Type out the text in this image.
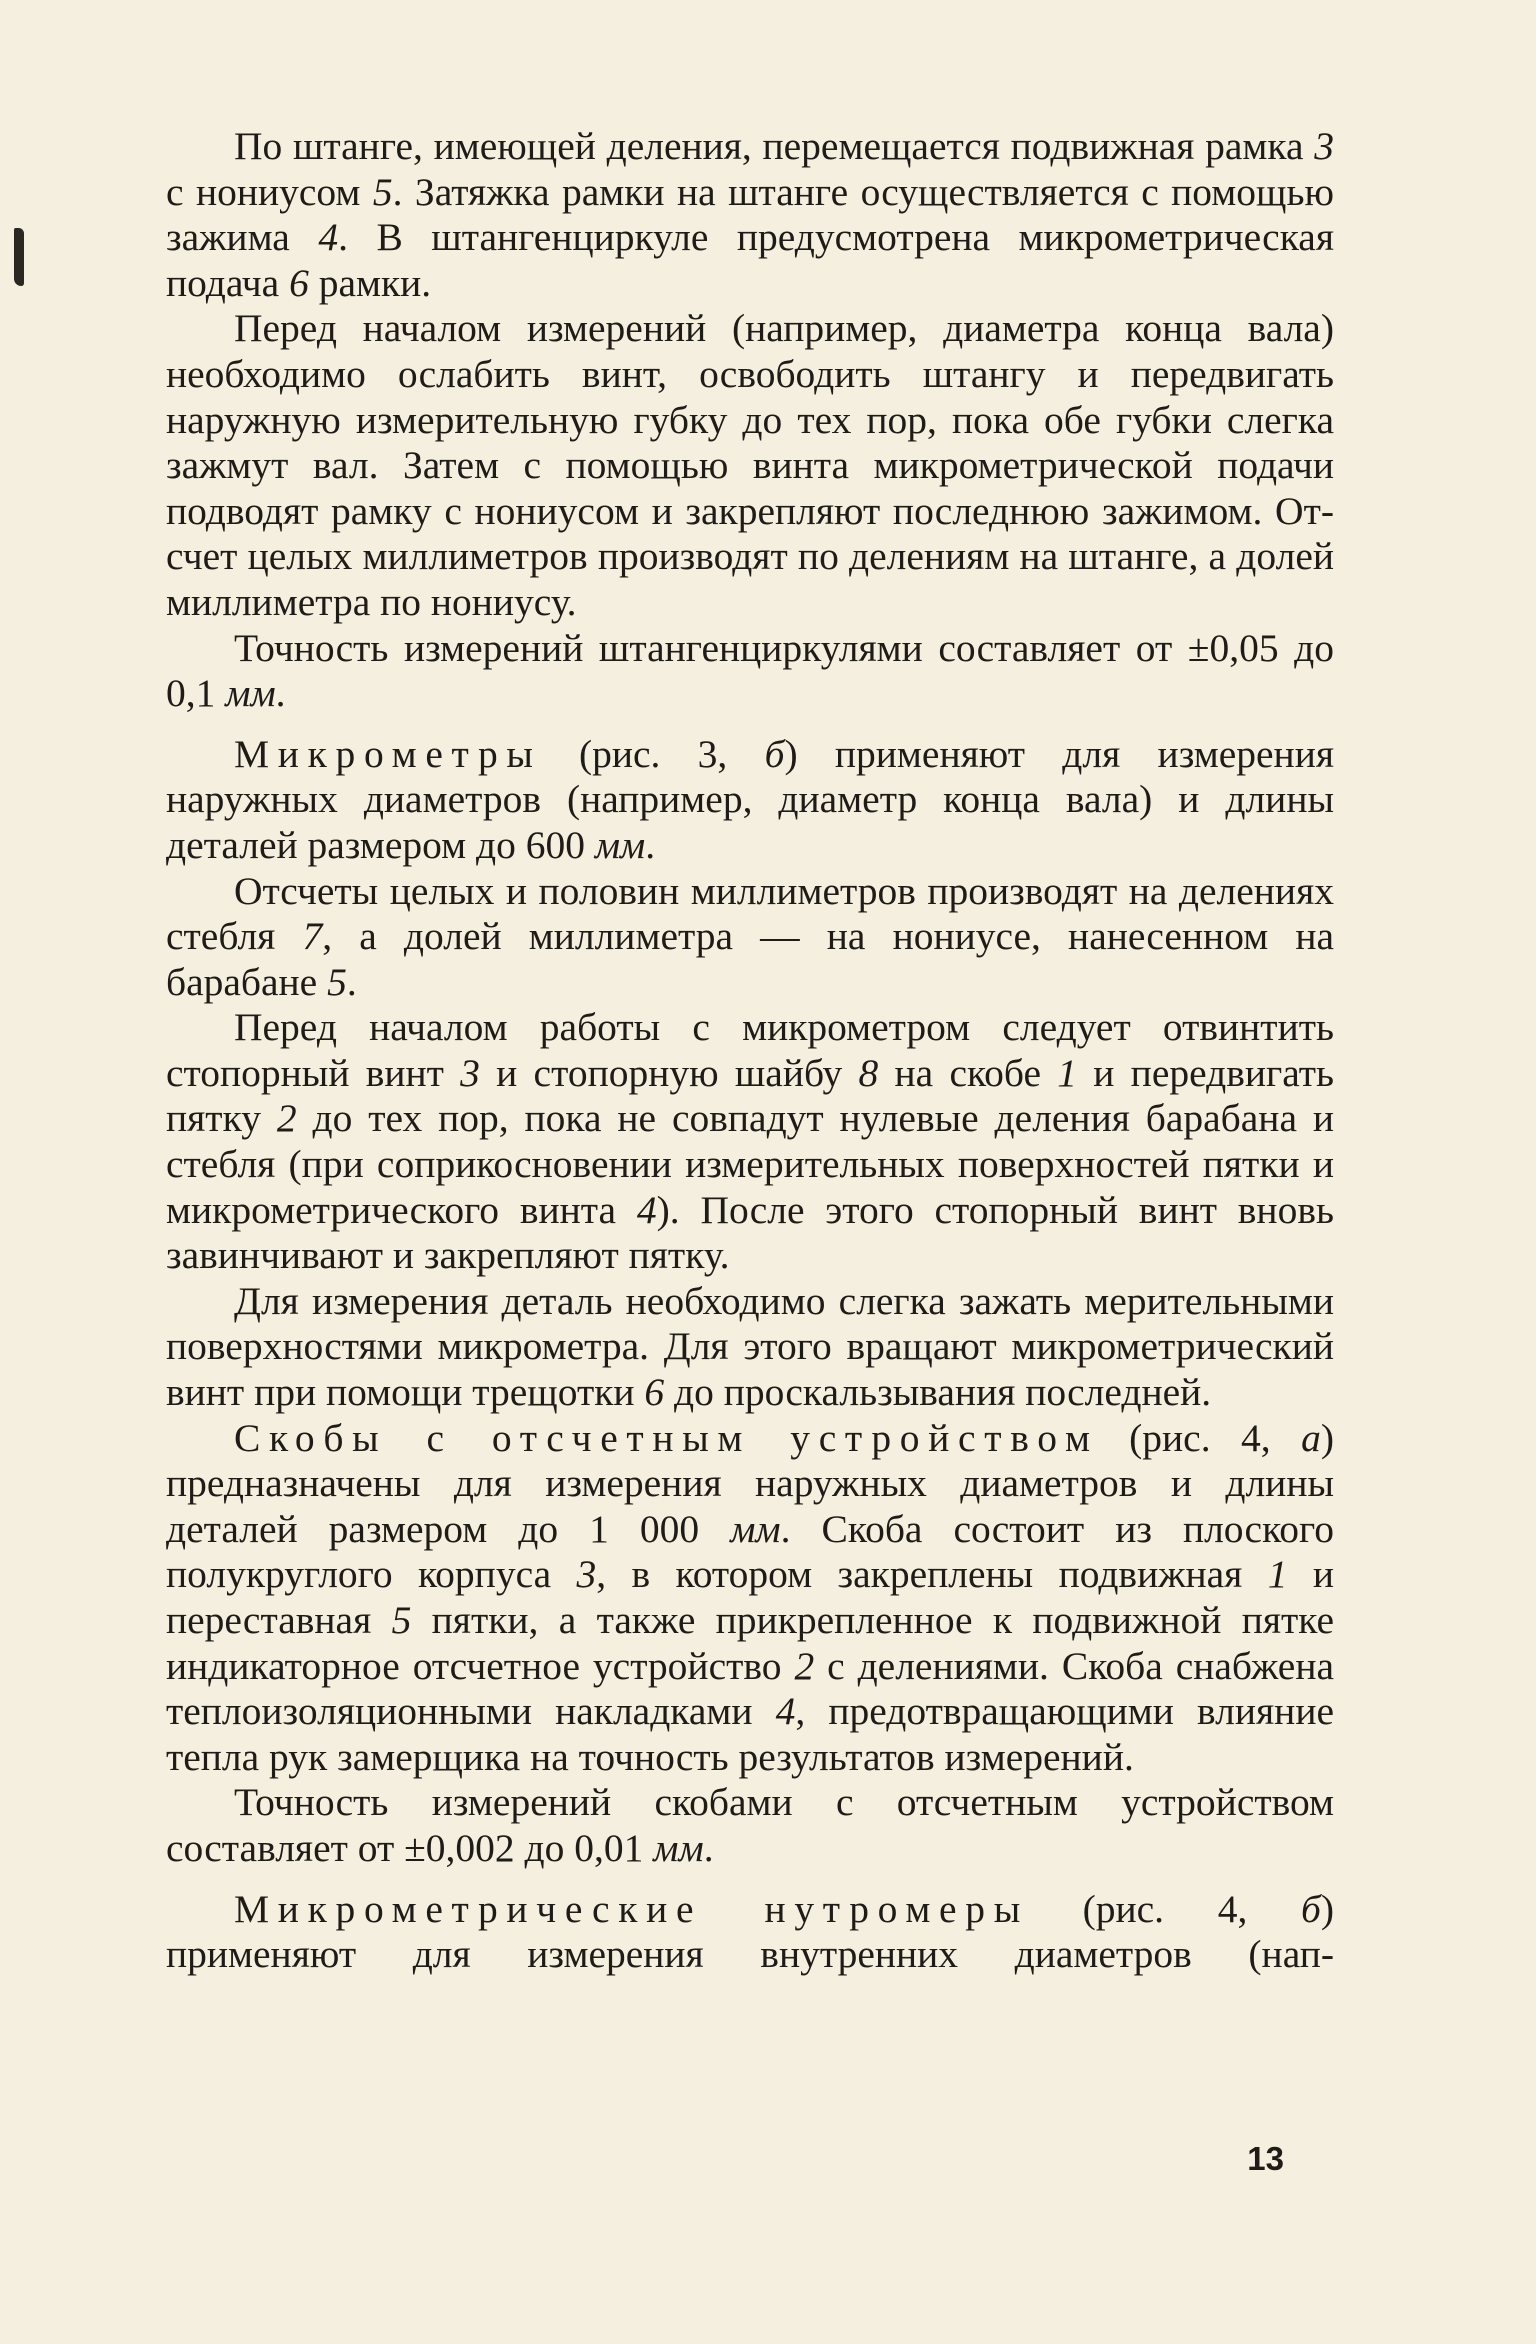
По штанге, имеющей деления, перемещается подвижная рамка 3 с нониусом 5. Затяжка рамки на штанге осуществляется с помощью зажима 4. В штангенциркуле предусмотрена микрометрическая подача 6 рамки.

Перед началом измерений (например, диаметра конца вала) необходимо ослабить винт, освободить штангу и передвигать наружную измерительную губку до тех пор, пока обе губки слегка зажмут вал. Затем с помощью винта микрометрической подачи подводят рамку с нониусом и закрепляют последнюю зажимом. Отсчет целых миллиметров производят по делениям на штанге, а долей миллиметра по нониусу.

Точность измерений штангенциркулями составляет от ±0,05 до 0,1 мм.

Микрометры (рис. 3, б) применяют для измерения наружных диаметров (например, диаметр конца вала) и длины деталей размером до 600 мм.

Отсчеты целых и половин миллиметров производят на делениях стебля 7, а долей миллиметра — на нониусе, нанесенном на барабане 5.

Перед началом работы с микрометром следует отвинтить стопорный винт 3 и стопорную шайбу 8 на скобе 1 и передвигать пятку 2 до тех пор, пока не совпадут нулевые деления барабана и стебля (при соприкосновении измерительных поверхностей пятки и микрометрического винта 4). После этого стопорный винт вновь завинчивают и закрепляют пятку.

Для измерения деталь необходимо слегка зажать мерительными поверхностями микрометра. Для этого вращают микрометрический винт при помощи трещотки 6 до проскальзывания последней.

Скобы с отсчетным устройством (рис. 4, а) предназначены для измерения наружных диаметров и длины деталей размером до 1 000 мм. Скоба состоит из плоского полукруглого корпуса 3, в котором закреплены подвижная 1 и переставная 5 пятки, а также прикрепленное к подвижной пятке индикаторное отсчетное устройство 2 с делениями. Скоба снабжена теплоизоляционными накладками 4, предотвращающими влияние тепла рук замерщика на точность результатов измерений.

Точность измерений скобами с отсчетным устройством составляет от ±0,002 до 0,01 мм.

Микрометрические нутромеры (рис. 4, б) применяют для измерения внутренних диаметров (нап-

13
